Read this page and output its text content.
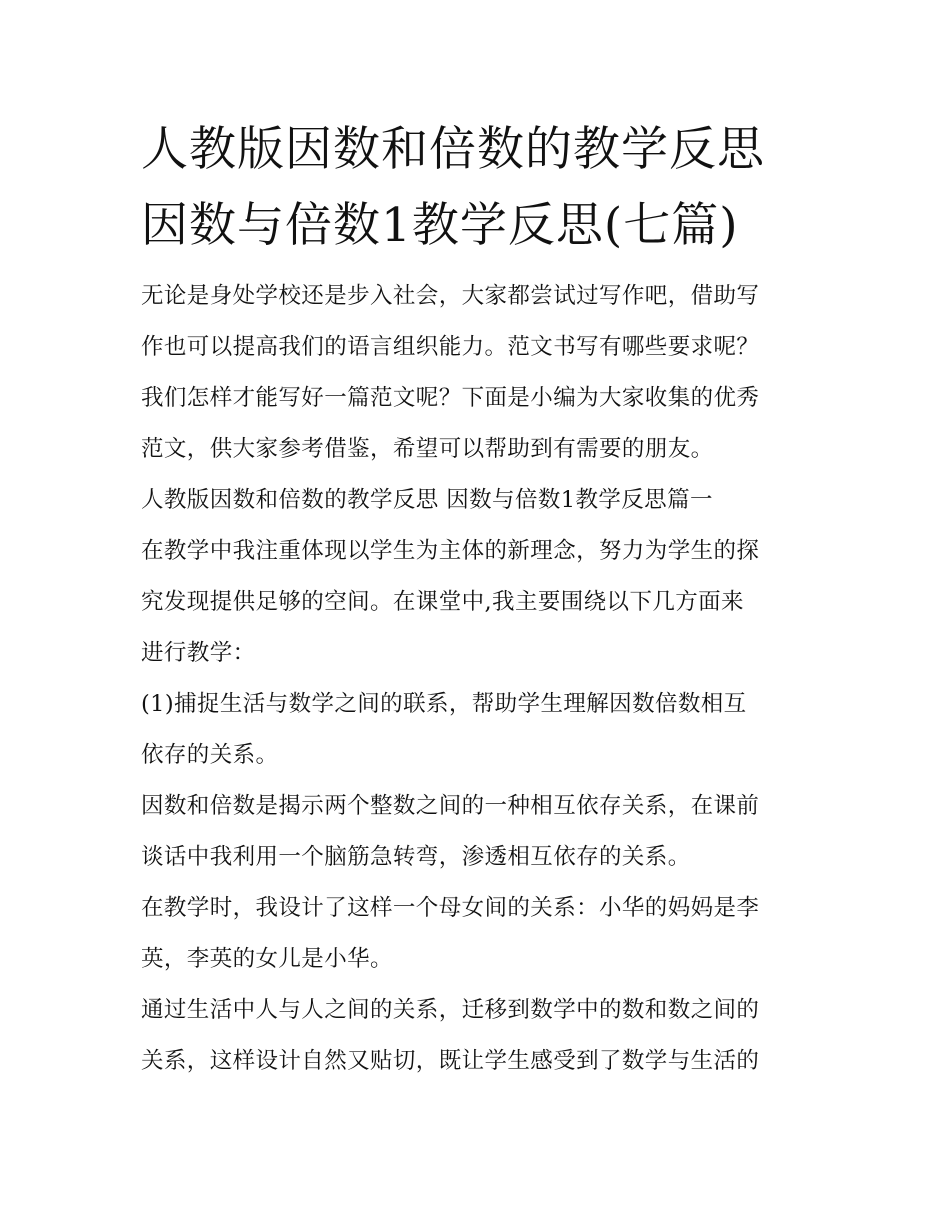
人教版因数和倍数的教学反思
因数与倍数1教学反思(七篇)
无论是身处学校还是步入社会，大家都尝试过写作吧，借助写
作也可以提高我们的语言组织能力。范文书写有哪些要求呢？
我们怎样才能写好一篇范文呢？下面是小编为大家收集的优秀
范文，供大家参考借鉴，希望可以帮助到有需要的朋友。
人教版因数和倍数的教学反思 因数与倍数1教学反思篇一
在教学中我注重体现以学生为主体的新理念，努力为学生的探
究发现提供足够的空间。在课堂中,我主要围绕以下几方面来
进行教学：
(1)捕捉生活与数学之间的联系，帮助学生理解因数倍数相互
依存的关系。
因数和倍数是揭示两个整数之间的一种相互依存关系，在课前
谈话中我利用一个脑筋急转弯，渗透相互依存的关系。
在教学时，我设计了这样一个母女间的关系：小华的妈妈是李
英，李英的女儿是小华。
通过生活中人与人之间的关系，迁移到数学中的数和数之间的
关系，这样设计自然又贴切，既让学生感受到了数学与生活的
